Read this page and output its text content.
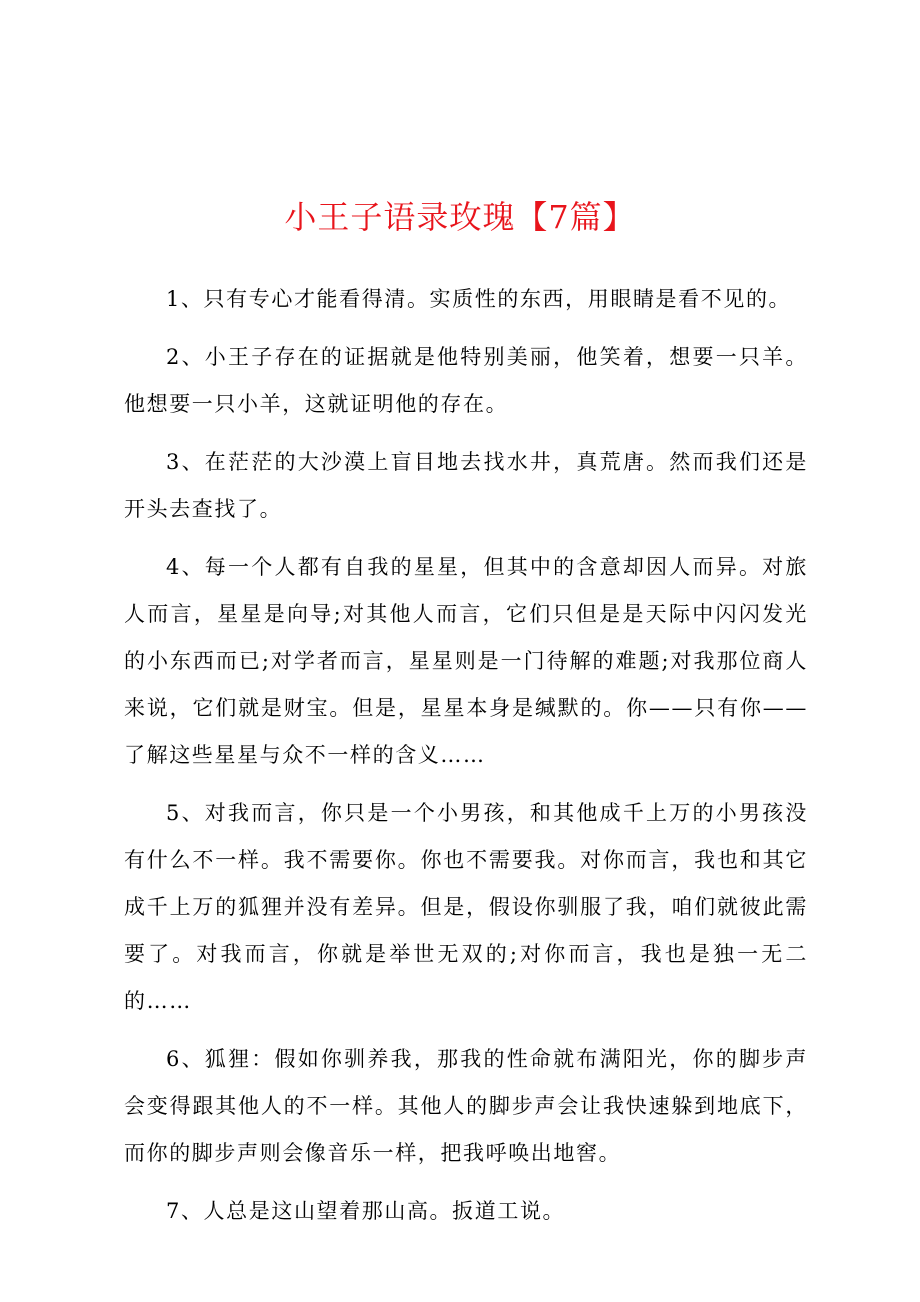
小王子语录玫瑰【7篇】

1、只有专心才能看得清。实质性的东西，用眼睛是看不见的。

2、小王子存在的证据就是他特别美丽，他笑着，想要一只羊。他想要一只小羊，这就证明他的存在。

3、在茫茫的大沙漠上盲目地去找水井，真荒唐。然而我们还是开头去查找了。

4、每一个人都有自我的星星，但其中的含意却因人而异。对旅人而言，星星是向导;对其他人而言，它们只但是是天际中闪闪发光的小东西而已;对学者而言，星星则是一门待解的难题;对我那位商人来说，它们就是财宝。但是，星星本身是缄默的。你——只有你——了解这些星星与众不一样的含义……

5、对我而言，你只是一个小男孩，和其他成千上万的小男孩没有什么不一样。我不需要你。你也不需要我。对你而言，我也和其它成千上万的狐狸并没有差异。但是，假设你驯服了我，咱们就彼此需要了。对我而言，你就是举世无双的;对你而言，我也是独一无二的……

6、狐狸：假如你驯养我，那我的性命就布满阳光，你的脚步声会变得跟其他人的不一样。其他人的脚步声会让我快速躲到地底下，而你的脚步声则会像音乐一样，把我呼唤出地窖。

7、人总是这山望着那山高。扳道工说。
